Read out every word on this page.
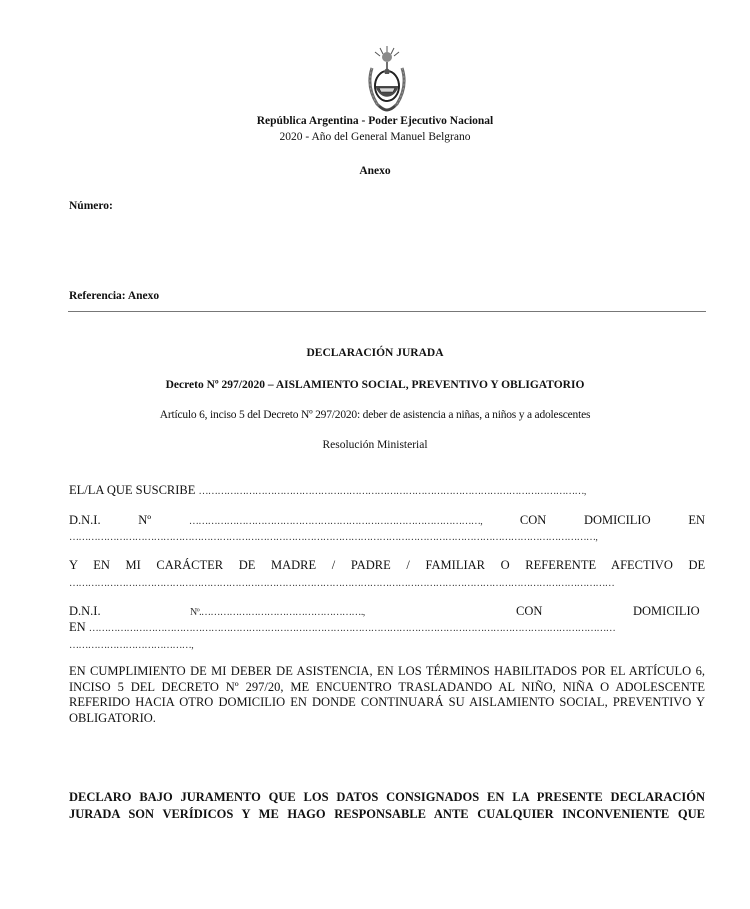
República Argentina - Poder Ejecutivo Nacional
2020 - Año del General Manuel Belgrano
Anexo
Número:
Referencia: Anexo
DECLARACIÓN JURADA
Decreto Nº 297/2020 – AISLAMIENTO SOCIAL, PREVENTIVO Y OBLIGATORIO
Artículo 6, inciso 5 del Decreto Nº 297/2020: deber de asistencia a niñas, a niños y a adolescentes
Resolución Ministerial
EL/LA QUE SUSCRIBE ……………………………………………………………………………………………………………,
D.N.I.	Nº	…………………………………………………………………………………,	CON	DOMICILIO	EN
……………………………………………………………………………………………………………………………………………………,
Y EN MI CARÁCTER DE MADRE / PADRE / FAMILIAR O REFERENTE AFECTIVO DE
…………………………………………………………………………………………………………………………………………………………
D.N.I.	Nº.…………………………………………….,	CON	DOMICILIO
EN ……………………………………………………………………………………………………………………………………………………
…………………………………,
EN CUMPLIMIENTO DE MI DEBER DE ASISTENCIA, EN LOS TÉRMINOS HABILITADOS POR EL ARTÍCULO 6,
INCISO 5 DEL DECRETO Nº 297/20, ME ENCUENTRO TRASLADANDO AL NIÑO, NIÑA O ADOLESCENTE
REFERIDO HACIA OTRO DOMICILIO EN DONDE CONTINUARÁ SU AISLAMIENTO SOCIAL, PREVENTIVO Y
OBLIGATORIO.
DECLARO BAJO JURAMENTO QUE LOS DATOS CONSIGNADOS EN LA PRESENTE DECLARACIÓN
JURADA SON VERÍDICOS Y ME HAGO RESPONSABLE ANTE CUALQUIER INCONVENIENTE QUE
